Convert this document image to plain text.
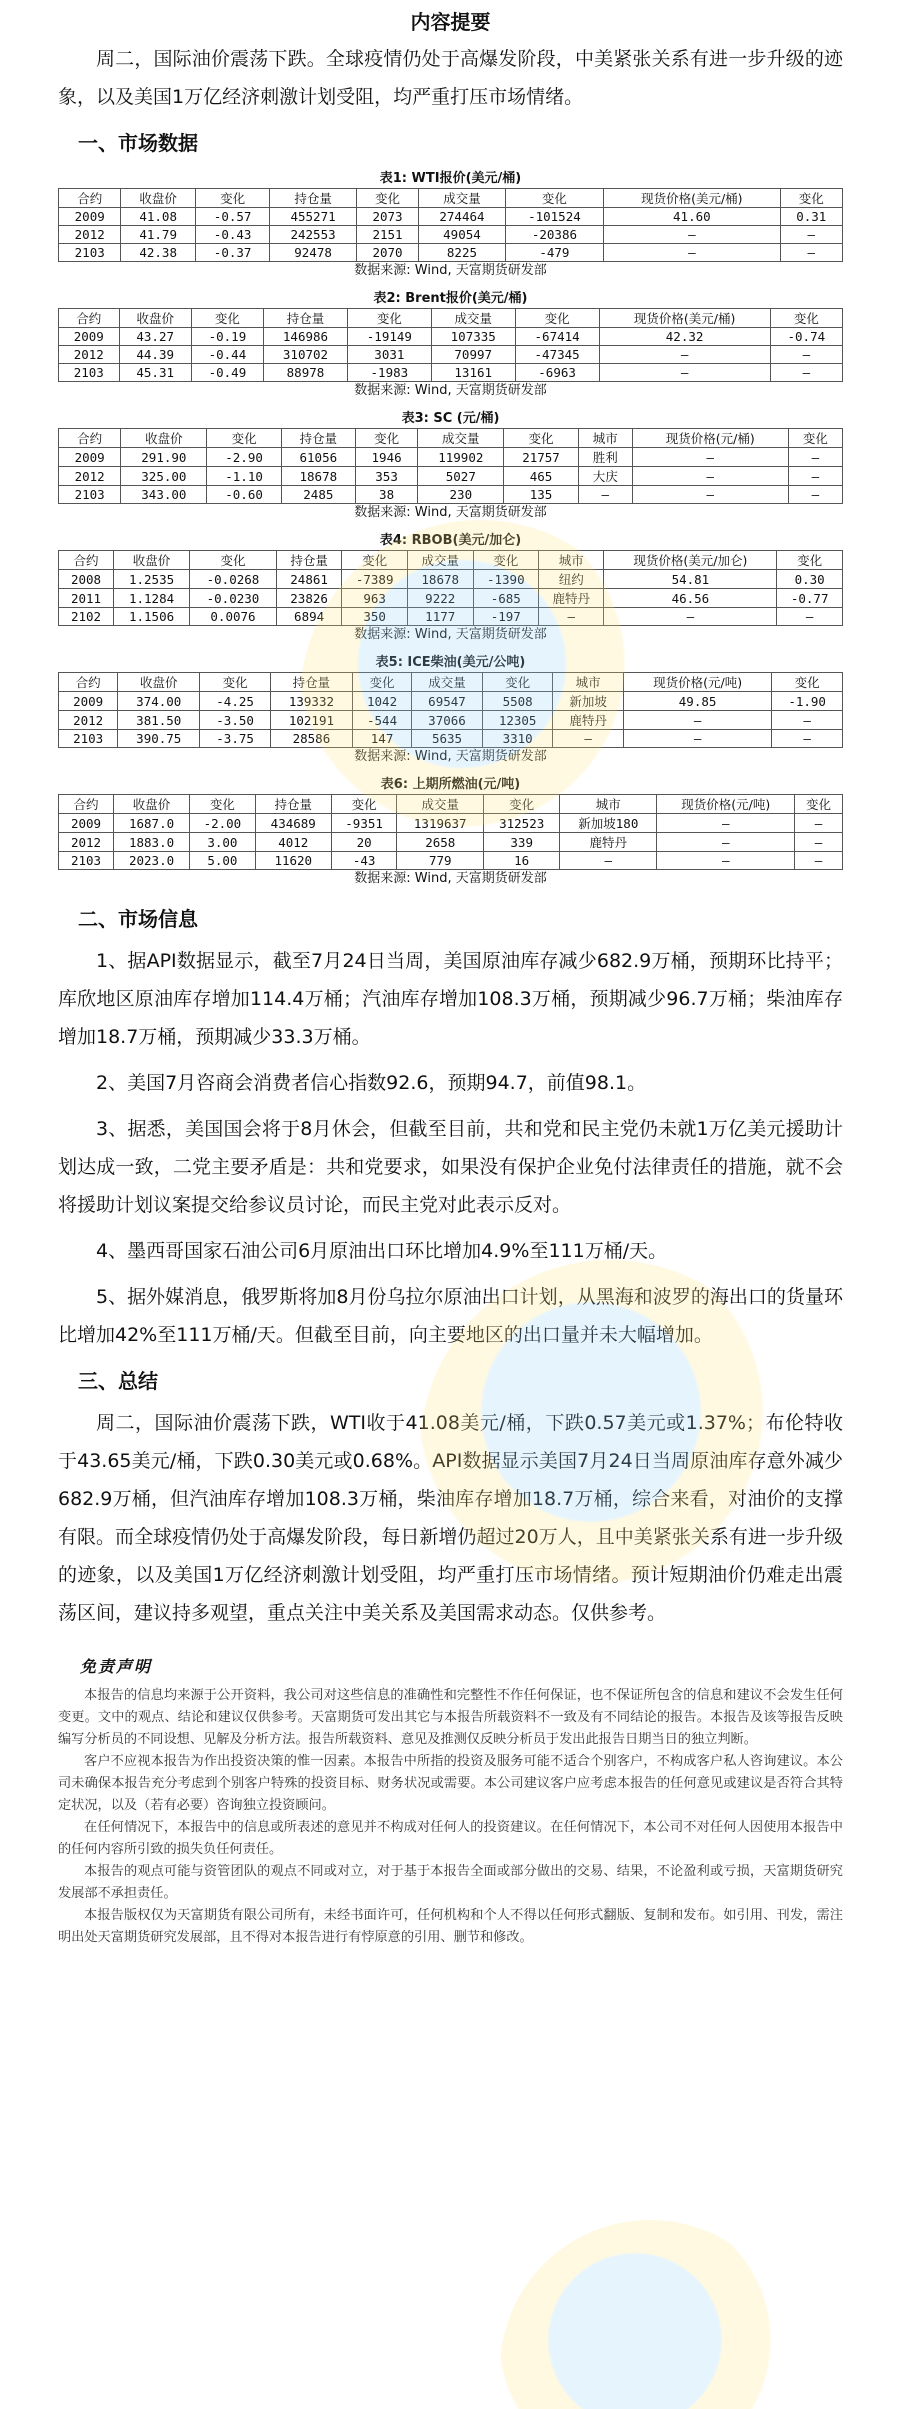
内容提要

周二，国际油价震荡下跌。全球疫情仍处于高爆发阶段，中美紧张关系有进一步升级的迹象，以及美国1万亿经济刺激计划受阻，均严重打压市场情绪。

一、市场数据
表1: WTI报价(美元/桶)
合约	收盘价	变化	持仓量	变化	成交量	变化	现货价格(美元/桶)	变化
2009	41.08	-0.57	455271	2073	274464	-101524	41.60	0.31
2012	41.79	-0.43	242553	2151	49054	-20386	—	—
2103	42.38	-0.37	92478	2070	8225	-479	—	—
数据来源: Wind, 天富期货研发部
表2: Brent报价(美元/桶)
合约	收盘价	变化	持仓量	变化	成交量	变化	现货价格(美元/桶)	变化
2009	43.27	-0.19	146986	-19149	107335	-67414	42.32	-0.74
2012	44.39	-0.44	310702	3031	70997	-47345	—	—
2103	45.31	-0.49	88978	-1983	13161	-6963	—	—
数据来源: Wind, 天富期货研发部
表3: SC (元/桶)
合约	收盘价	变化	持仓量	变化	成交量	变化	城市	现货价格(元/桶)	变化
2009	291.90	-2.90	61056	1946	119902	21757	胜利	—	—
2012	325.00	-1.10	18678	353	5027	465	大庆	—	—
2103	343.00	-0.60	2485	38	230	135	—	—	—
数据来源: Wind, 天富期货研发部
表4: RBOB(美元/加仑)
合约	收盘价	变化	持仓量	变化	成交量	变化	城市	现货价格(美元/加仑)	变化
2008	1.2535	-0.0268	24861	-7389	18678	-1390	纽约	54.81	0.30
2011	1.1284	-0.0230	23826	963	9222	-685	鹿特丹	46.56	-0.77
2102	1.1506	0.0076	6894	350	1177	-197	—	—	—
数据来源: Wind, 天富期货研发部
表5: ICE柴油(美元/公吨)
合约	收盘价	变化	持仓量	变化	成交量	变化	城市	现货价格(元/吨)	变化
2009	374.00	-4.25	139332	1042	69547	5508	新加坡	49.85	-1.90
2012	381.50	-3.50	102191	-544	37066	12305	鹿特丹	—	—
2103	390.75	-3.75	28586	147	5635	3310	—	—	—
数据来源: Wind, 天富期货研发部
表6: 上期所燃油(元/吨)
合约	收盘价	变化	持仓量	变化	成交量	变化	城市	现货价格(元/吨)	变化
2009	1687.0	-2.00	434689	-9351	1319637	312523	新加坡180	—	—
2012	1883.0	3.00	4012	20	2658	339	鹿特丹	—	—
2103	2023.0	5.00	11620	-43	779	16	—	—	—
数据来源: Wind, 天富期货研发部
二、市场信息

1、据API数据显示，截至7月24日当周，美国原油库存减少682.9万桶，预期环比持平；库欣地区原油库存增加114.4万桶；汽油库存增加108.3万桶，预期减少96.7万桶；柴油库存增加18.7万桶，预期减少33.3万桶。

2、美国7月咨商会消费者信心指数92.6，预期94.7，前值98.1。

3、据悉，美国国会将于8月休会，但截至目前，共和党和民主党仍未就1万亿美元援助计划达成一致，二党主要矛盾是：共和党要求，如果没有保护企业免付法律责任的措施，就不会将援助计划议案提交给参议员讨论，而民主党对此表示反对。

4、墨西哥国家石油公司6月原油出口环比增加4.9%至111万桶/天。

5、据外媒消息，俄罗斯将加8月份乌拉尔原油出口计划，从黑海和波罗的海出口的货量环比增加42%至111万桶/天。但截至目前，向主要地区的出口量并未大幅增加。

三、总结

周二，国际油价震荡下跌，WTI收于41.08美元/桶，下跌0.57美元或1.37%；布伦特收于43.65美元/桶，下跌0.30美元或0.68%。API数据显示美国7月24日当周原油库存意外减少682.9万桶，但汽油库存增加108.3万桶，柴油库存增加18.7万桶，综合来看，对油价的支撑有限。而全球疫情仍处于高爆发阶段，每日新增仍超过20万人，且中美紧张关系有进一步升级的迹象，以及美国1万亿经济刺激计划受阻，均严重打压市场情绪。预计短期油价仍难走出震荡区间，建议持多观望，重点关注中美关系及美国需求动态。仅供参考。

免责声明

本报告的信息均来源于公开资料，我公司对这些信息的准确性和完整性不作任何保证，也不保证所包含的信息和建议不会发生任何变更。文中的观点、结论和建议仅供参考。天富期货可发出其它与本报告所载资料不一致及有不同结论的报告。本报告及该等报告反映编写分析员的不同设想、见解及分析方法。报告所载资料、意见及推测仅反映分析员于发出此报告日期当日的独立判断。

客户不应视本报告为作出投资决策的惟一因素。本报告中所指的投资及服务可能不适合个别客户，不构成客户私人咨询建议。本公司未确保本报告充分考虑到个别客户特殊的投资目标、财务状况或需要。本公司建议客户应考虑本报告的任何意见或建议是否符合其特定状况，以及（若有必要）咨询独立投资顾问。

在任何情况下，本报告中的信息或所表述的意见并不构成对任何人的投资建议。在任何情况下，本公司不对任何人因使用本报告中的任何内容所引致的损失负任何责任。

本报告的观点可能与资管团队的观点不同或对立，对于基于本报告全面或部分做出的交易、结果，不论盈利或亏损，天富期货研究发展部不承担责任。

本报告版权仅为天富期货有限公司所有，未经书面许可，任何机构和个人不得以任何形式翻版、复制和发布。如引用、刊发，需注明出处天富期货研究发展部，且不得对本报告进行有悖原意的引用、删节和修改。
